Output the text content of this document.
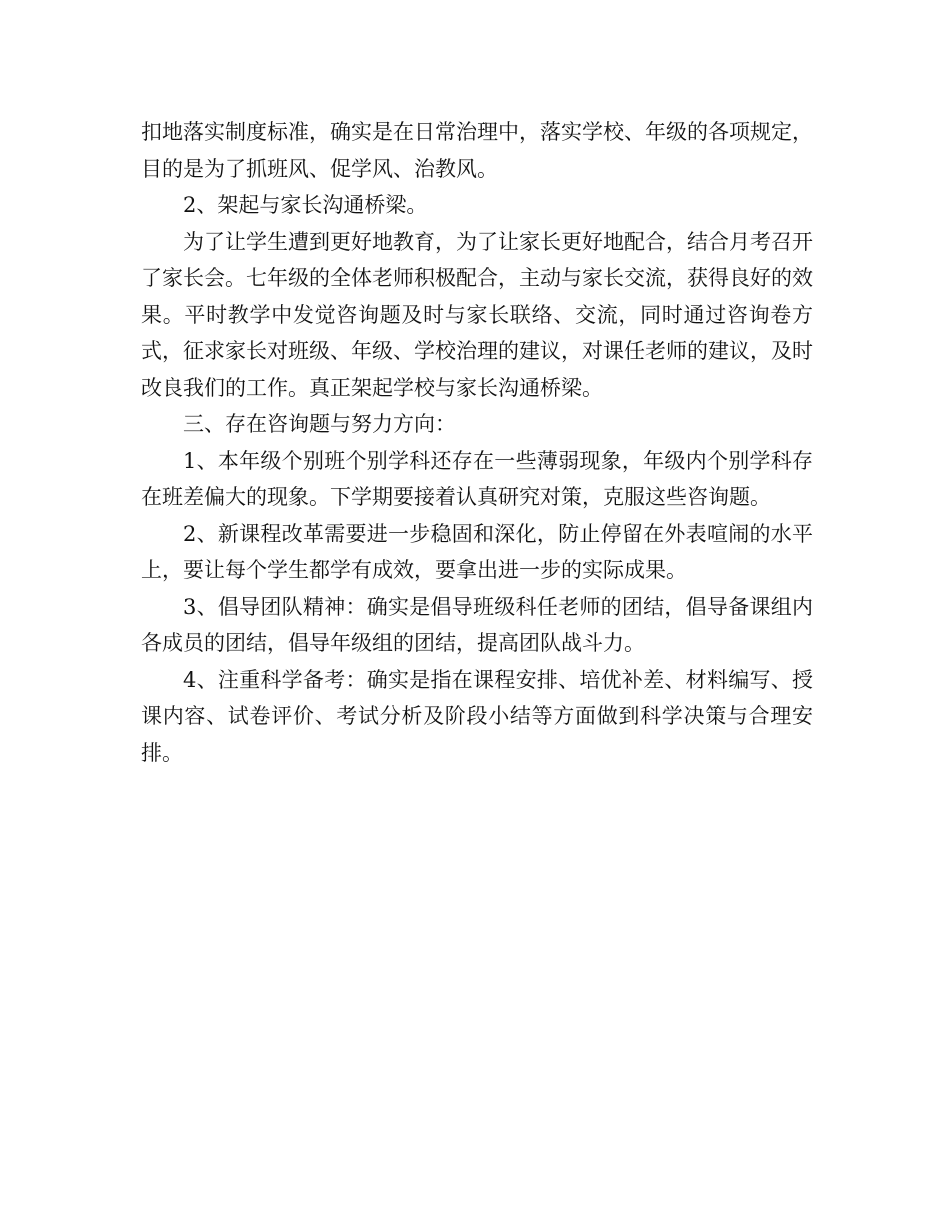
扣地落实制度标准，确实是在日常治理中，落实学校、年级的各项规定，目的是为了抓班风、促学风、治教风。

2、架起与家长沟通桥梁。

为了让学生遭到更好地教育，为了让家长更好地配合，结合月考召开了家长会。七年级的全体老师积极配合，主动与家长交流，获得良好的效果。平时教学中发觉咨询题及时与家长联络、交流，同时通过咨询卷方式，征求家长对班级、年级、学校治理的建议，对课任老师的建议，及时改良我们的工作。真正架起学校与家长沟通桥梁。

三、存在咨询题与努力方向：

1、本年级个别班个别学科还存在一些薄弱现象，年级内个别学科存在班差偏大的现象。下学期要接着认真研究对策，克服这些咨询题。

2、新课程改革需要进一步稳固和深化，防止停留在外表喧闹的水平上，要让每个学生都学有成效，要拿出进一步的实际成果。

3、倡导团队精神：确实是倡导班级科任老师的团结，倡导备课组内各成员的团结，倡导年级组的团结，提高团队战斗力。

4、注重科学备考：确实是指在课程安排、培优补差、材料编写、授课内容、试卷评价、考试分析及阶段小结等方面做到科学决策与合理安排。
